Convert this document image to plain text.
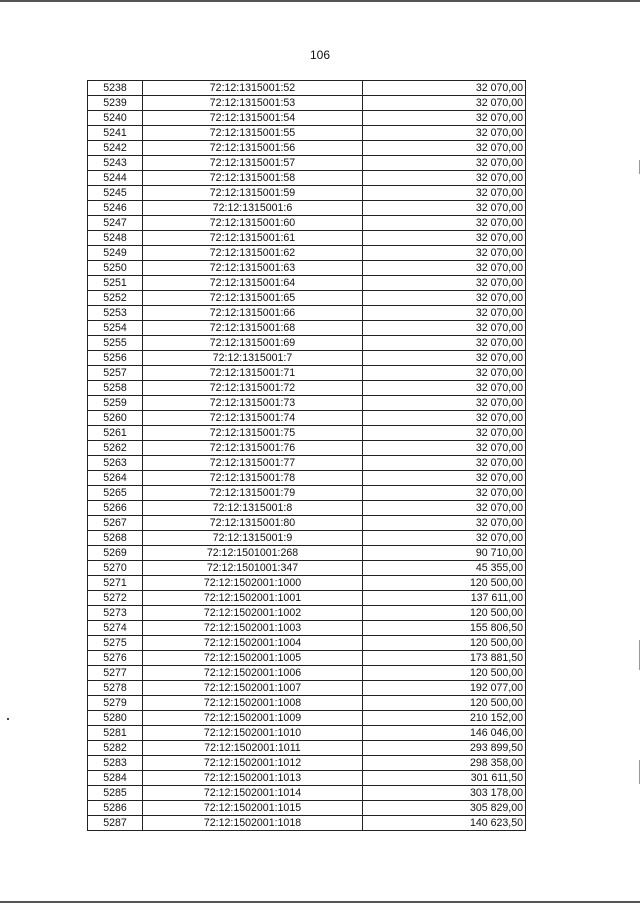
106
5238	72:12:1315001:52	32 070,00
5239	72:12:1315001:53	32 070,00
5240	72:12:1315001:54	32 070,00
5241	72:12:1315001:55	32 070,00
5242	72:12:1315001:56	32 070,00
5243	72:12:1315001:57	32 070,00
5244	72:12:1315001:58	32 070,00
5245	72:12:1315001:59	32 070,00
5246	72:12:1315001:6	32 070,00
5247	72:12:1315001:60	32 070,00
5248	72:12:1315001:61	32 070,00
5249	72:12:1315001:62	32 070,00
5250	72:12:1315001:63	32 070,00
5251	72:12:1315001:64	32 070,00
5252	72:12:1315001:65	32 070,00
5253	72:12:1315001:66	32 070,00
5254	72:12:1315001:68	32 070,00
5255	72:12:1315001:69	32 070,00
5256	72:12:1315001:7	32 070,00
5257	72:12:1315001:71	32 070,00
5258	72:12:1315001:72	32 070,00
5259	72:12:1315001:73	32 070,00
5260	72:12:1315001:74	32 070,00
5261	72:12:1315001:75	32 070,00
5262	72:12:1315001:76	32 070,00
5263	72:12:1315001:77	32 070,00
5264	72:12:1315001:78	32 070,00
5265	72:12:1315001:79	32 070,00
5266	72:12:1315001:8	32 070,00
5267	72:12:1315001:80	32 070,00
5268	72:12:1315001:9	32 070,00
5269	72:12:1501001:268	90 710,00
5270	72:12:1501001:347	45 355,00
5271	72:12:1502001:1000	120 500,00
5272	72:12:1502001:1001	137 611,00
5273	72:12:1502001:1002	120 500,00
5274	72:12:1502001:1003	155 806,50
5275	72:12:1502001:1004	120 500,00
5276	72:12:1502001:1005	173 881,50
5277	72:12:1502001:1006	120 500,00
5278	72:12:1502001:1007	192 077,00
5279	72:12:1502001:1008	120 500,00
5280	72:12:1502001:1009	210 152,00
5281	72:12:1502001:1010	146 046,00
5282	72:12:1502001:1011	293 899,50
5283	72:12:1502001:1012	298 358,00
5284	72:12:1502001:1013	301 611,50
5285	72:12:1502001:1014	303 178,00
5286	72:12:1502001:1015	305 829,00
5287	72:12:1502001:1018	140 623,50
